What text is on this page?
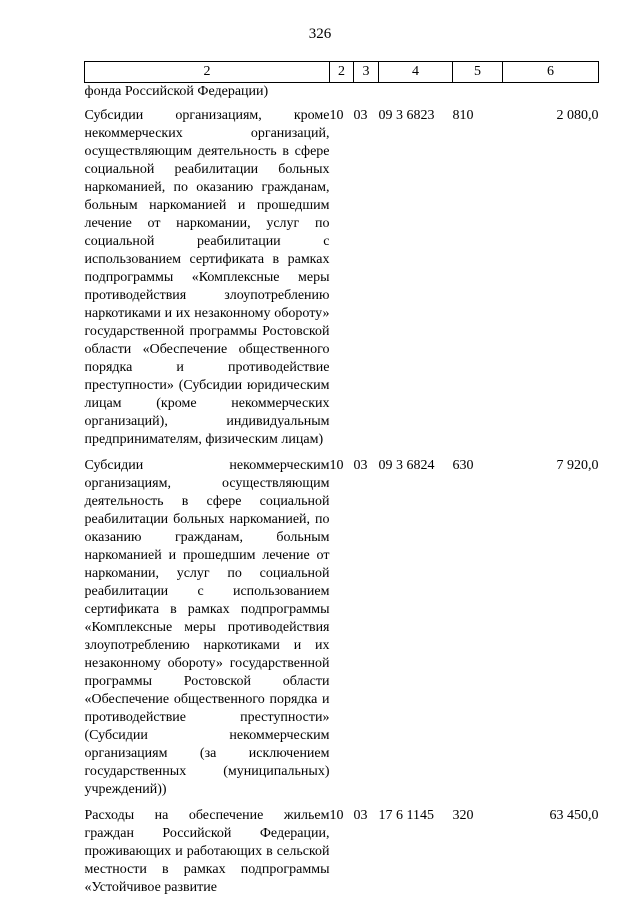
326
2	2	3	4	5	6
фонда Российской Федерации)					
Субсидии организациям, кроме некоммерческих организаций, осуществляющим деятельность в сфере социальной реабилитации больных наркоманией, по оказанию гражданам, больным наркоманией и прошедшим лечение от наркомании, услуг по социальной реабилитации с использованием сертификата в рамках подпрограммы «Комплексные меры противодействия злоупотреблению наркотиками и их незаконному обороту» государственной программы Ростовской области «Обеспечение общественного порядка и противодействие преступности» (Субсидии юридическим лицам (кроме некоммерческих организаций), индивидуальным предпринимателям, физическим лицам)	10	03	09 3 6823	810	2 080,0
Субсидии некоммерческим организациям, осуществляющим деятельность в сфере социальной реабилитации больных наркоманией, по оказанию гражданам, больным наркоманией и прошедшим лечение от наркомании, услуг по социальной реабилитации с использованием сертификата в рамках подпрограммы «Комплексные меры противодействия злоупотреблению наркотиками и их незаконному обороту» государственной программы Ростовской области «Обеспечение общественного порядка и противодействие преступности» (Субсидии некоммерческим организациям (за исключением государственных (муниципальных) учреждений))	10	03	09 3 6824	630	7 920,0
Расходы на обеспечение жильем граждан Российской Федерации, проживающих и работающих в сельской местности в рамках подпрограммы «Устойчивое развитие	10	03	17 6 1145	320	63 450,0
